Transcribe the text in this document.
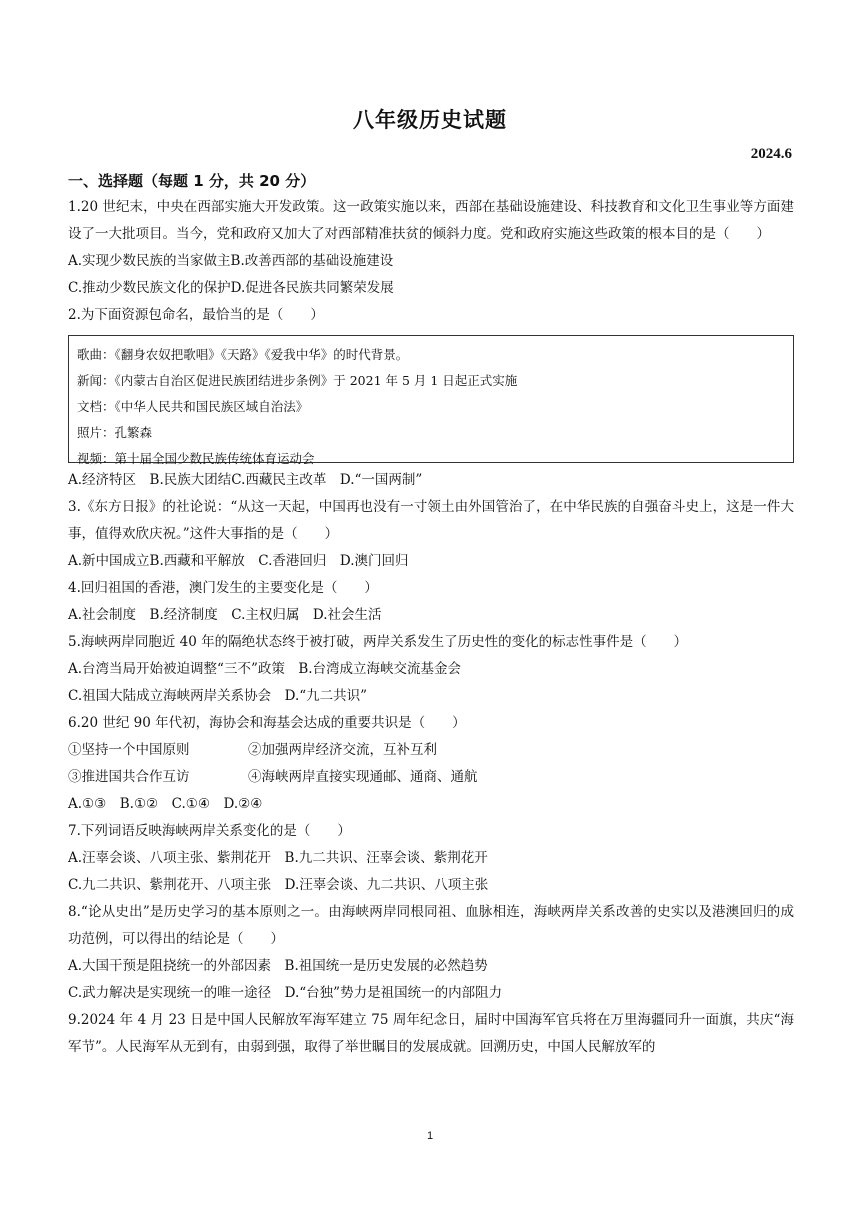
八年级历史试题
2024.6
一、选择题（每题 1 分，共 20 分）
1.20 世纪末，中央在西部实施大开发政策。这一政策实施以来，西部在基础设施建设、科技教育和文化卫生事业等方面建设了一大批项目。当今，党和政府又加大了对西部精准扶贫的倾斜力度。党和政府实施这些政策的根本目的是（　　）
A.实现少数民族的当家做主B.改善西部的基础设施建设
C.推动少数民族文化的保护D.促进各民族共同繁荣发展
2.为下面资源包命名，最恰当的是（　　）
歌曲：《翻身农奴把歌唱》《天路》《爱我中华》的时代背景。
新闻：《内蒙古自治区促进民族团结进步条例》于 2021 年 5 月 1 日起正式实施
文档：《中华人民共和国民族区域自治法》
照片：孔繁森
视频：第十届全国少数民族传统体育运动会
A.经济特区　B.民族大团结C.西藏民主改革　D.“一国两制”
3.《东方日报》的社论说：“从这一天起，中国再也没有一寸领土由外国管治了，在中华民族的自强奋斗史上，这是一件大事，值得欢欣庆祝。”这件大事指的是（　　）
A.新中国成立B.西藏和平解放　C.香港回归　D.澳门回归
4.回归祖国的香港，澳门发生的主要变化是（　　）
A.社会制度　B.经济制度　C.主权归属　D.社会生活
5.海峡两岸同胞近 40 年的隔绝状态终于被打破，两岸关系发生了历史性的变化的标志性事件是（　　）
A.台湾当局开始被迫调整“三不”政策　B.台湾成立海峡交流基金会
C.祖国大陆成立海峡两岸关系协会　D.“九二共识”
6.20 世纪 90 年代初，海协会和海基会达成的重要共识是（　　）
①坚持一个中国原则	②加强两岸经济交流，互补互利
③推进国共合作互访	④海峡两岸直接实现通邮、通商、通航
A.①③　B.①②　C.①④　D.②④
7.下列词语反映海峡两岸关系变化的是（　　）
A.汪辜会谈、八项主张、紫荆花开　B.九二共识、汪辜会谈、紫荆花开
C.九二共识、紫荆花开、八项主张　D.汪辜会谈、九二共识、八项主张
8.“论从史出”是历史学习的基本原则之一。由海峡两岸同根同祖、血脉相连，海峡两岸关系改善的史实以及港澳回归的成功范例，可以得出的结论是（　　）
A.大国干预是阻挠统一的外部因素　B.祖国统一是历史发展的必然趋势
C.武力解决是实现统一的唯一途径　D.“台独”势力是祖国统一的内部阻力
9.2024 年 4 月 23 日是中国人民解放军海军建立 75 周年纪念日，届时中国海军官兵将在万里海疆同升一面旗，共庆“海军节”。人民海军从无到有，由弱到强，取得了举世瞩目的发展成就。回溯历史，中国人民解放军的
1
